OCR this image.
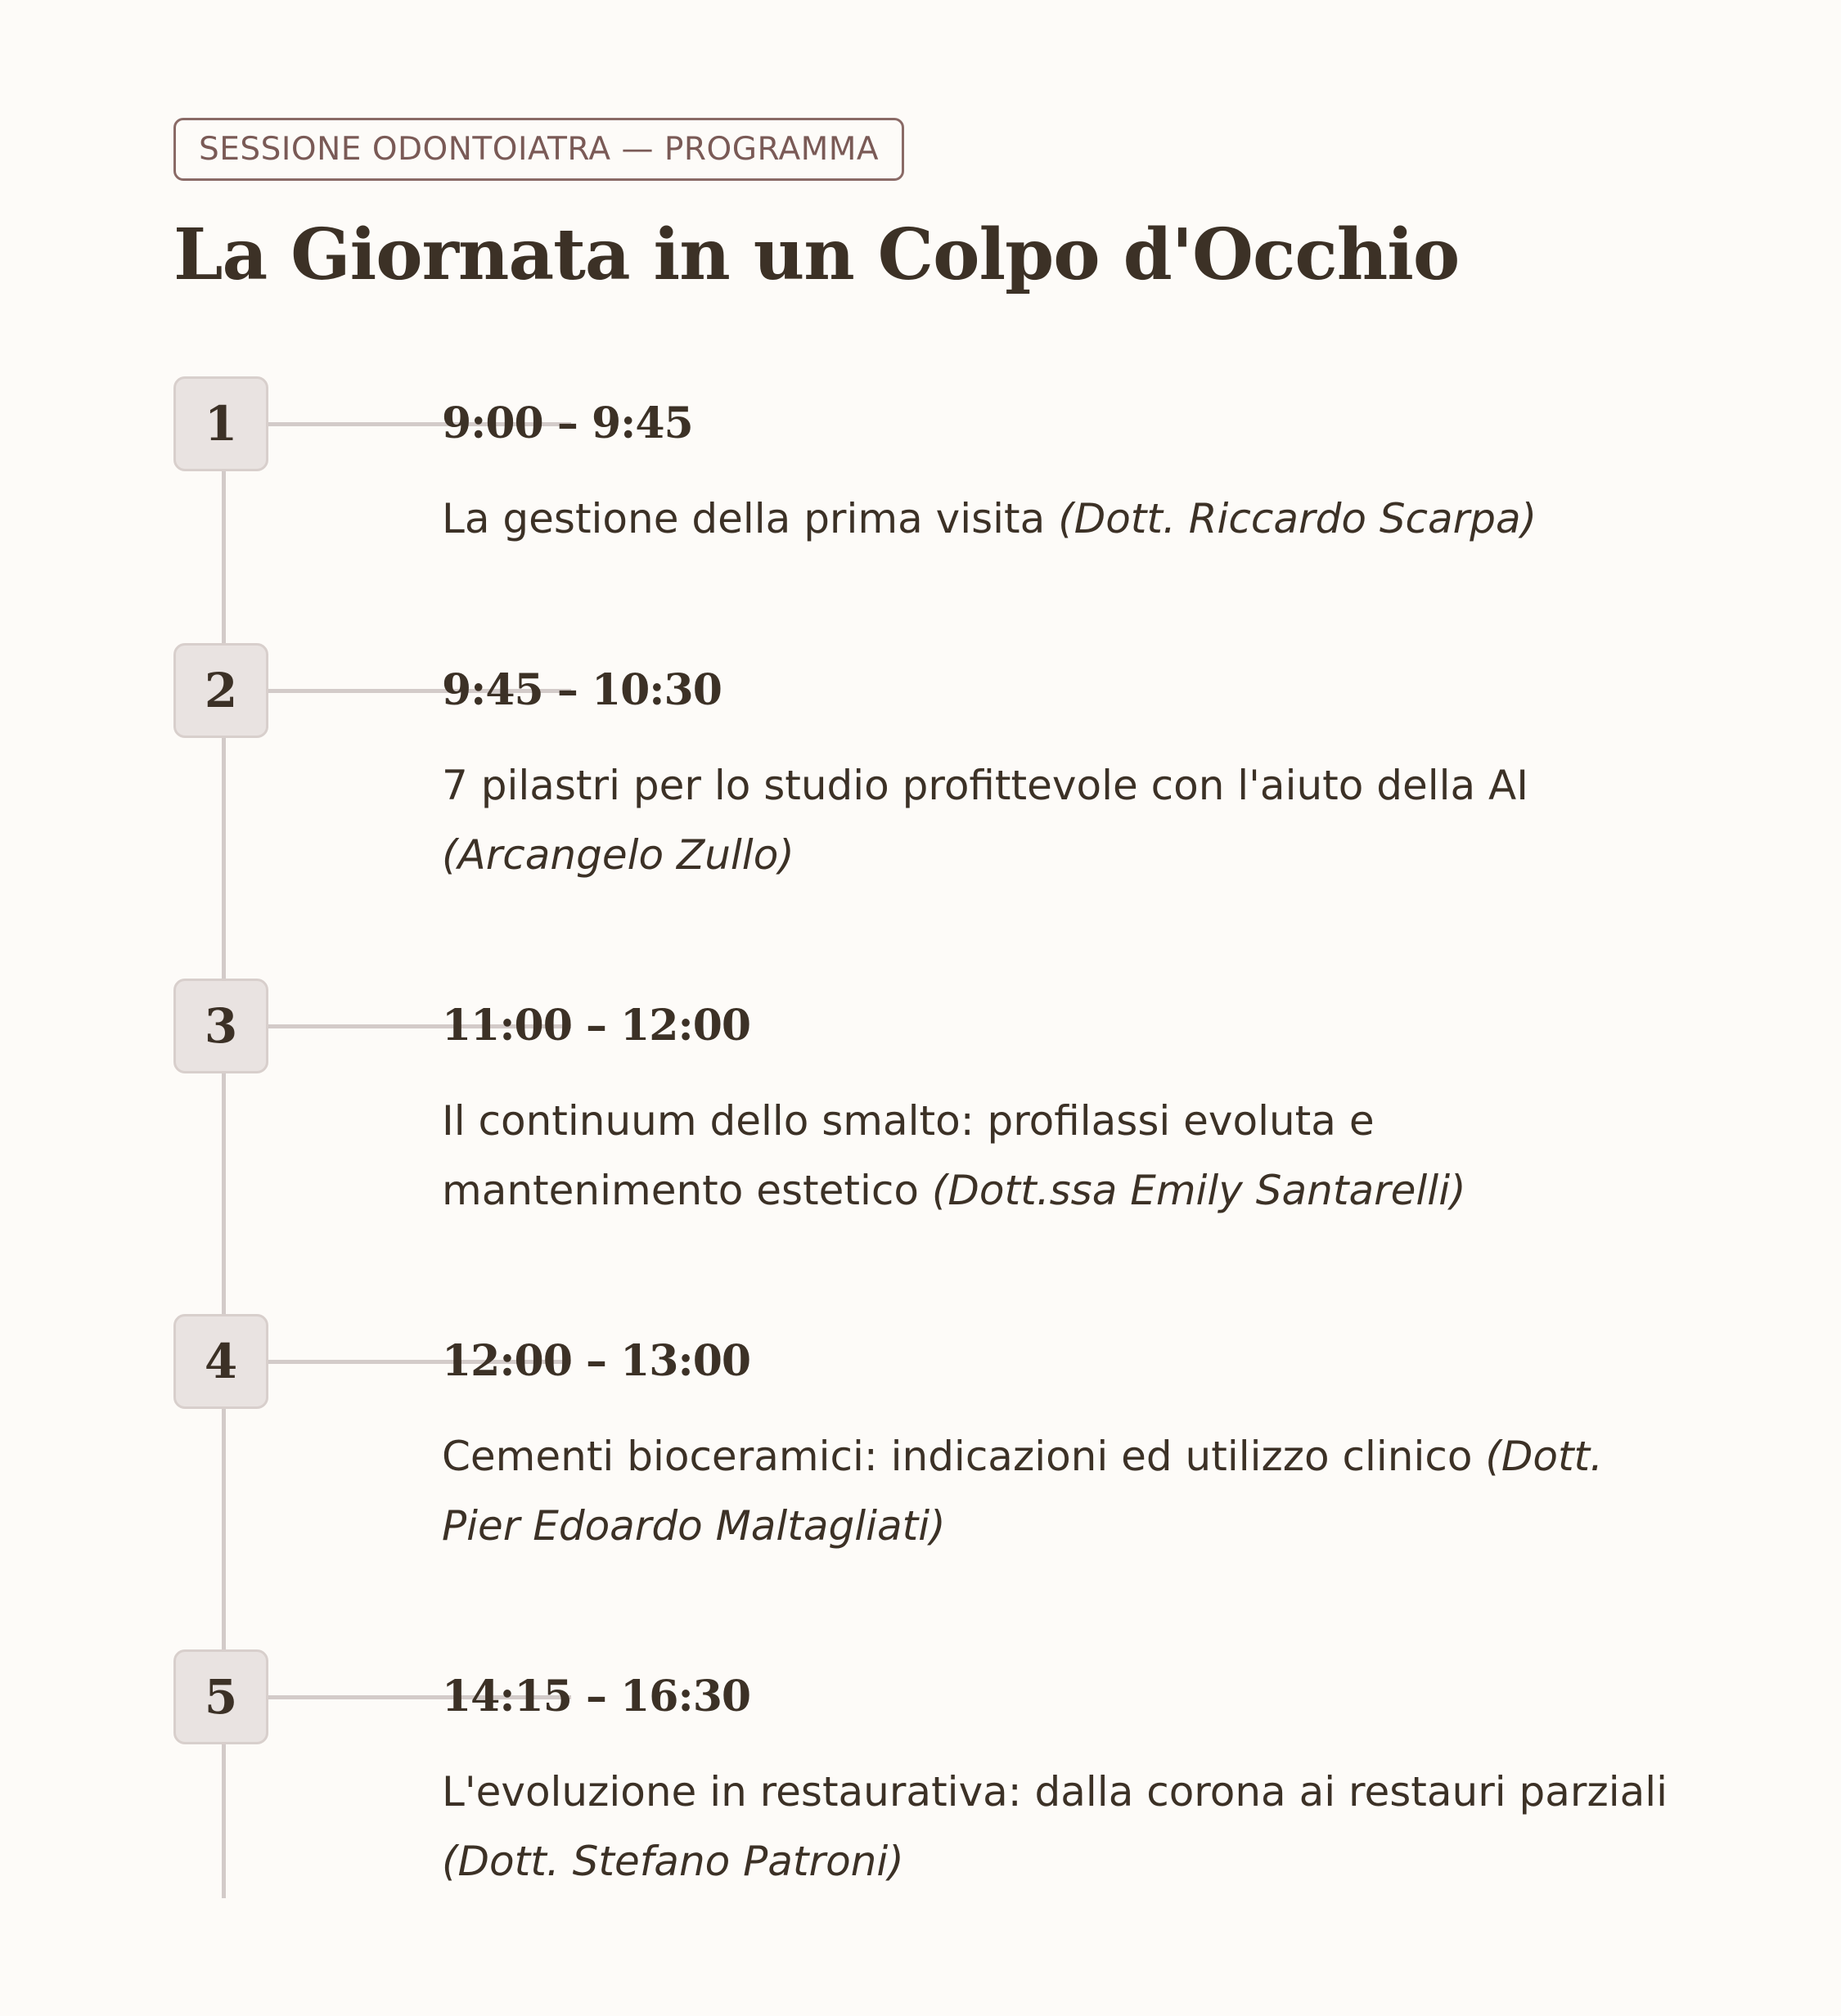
SESSIONE ODONTOIATRA — PROGRAMMA
La Giornata in un Colpo d'Occhio
1	9:00 – 9:45
La gestione della prima visita (Dott. Riccardo Scarpa)
2	9:45 – 10:30
7 pilastri per lo studio profittevole con l'aiuto della AI (Arcangelo Zullo)
3	11:00 – 12:00
Il continuum dello smalto: profilassi evoluta e mantenimento estetico (Dott.ssa Emily Santarelli)
4	12:00 – 13:00
Cementi bioceramici: indicazioni ed utilizzo clinico (Dott. Pier Edoardo Maltagliati)
5	14:15 – 16:30
L'evoluzione in restaurativa: dalla corona ai restauri parziali (Dott. Stefano Patroni)
